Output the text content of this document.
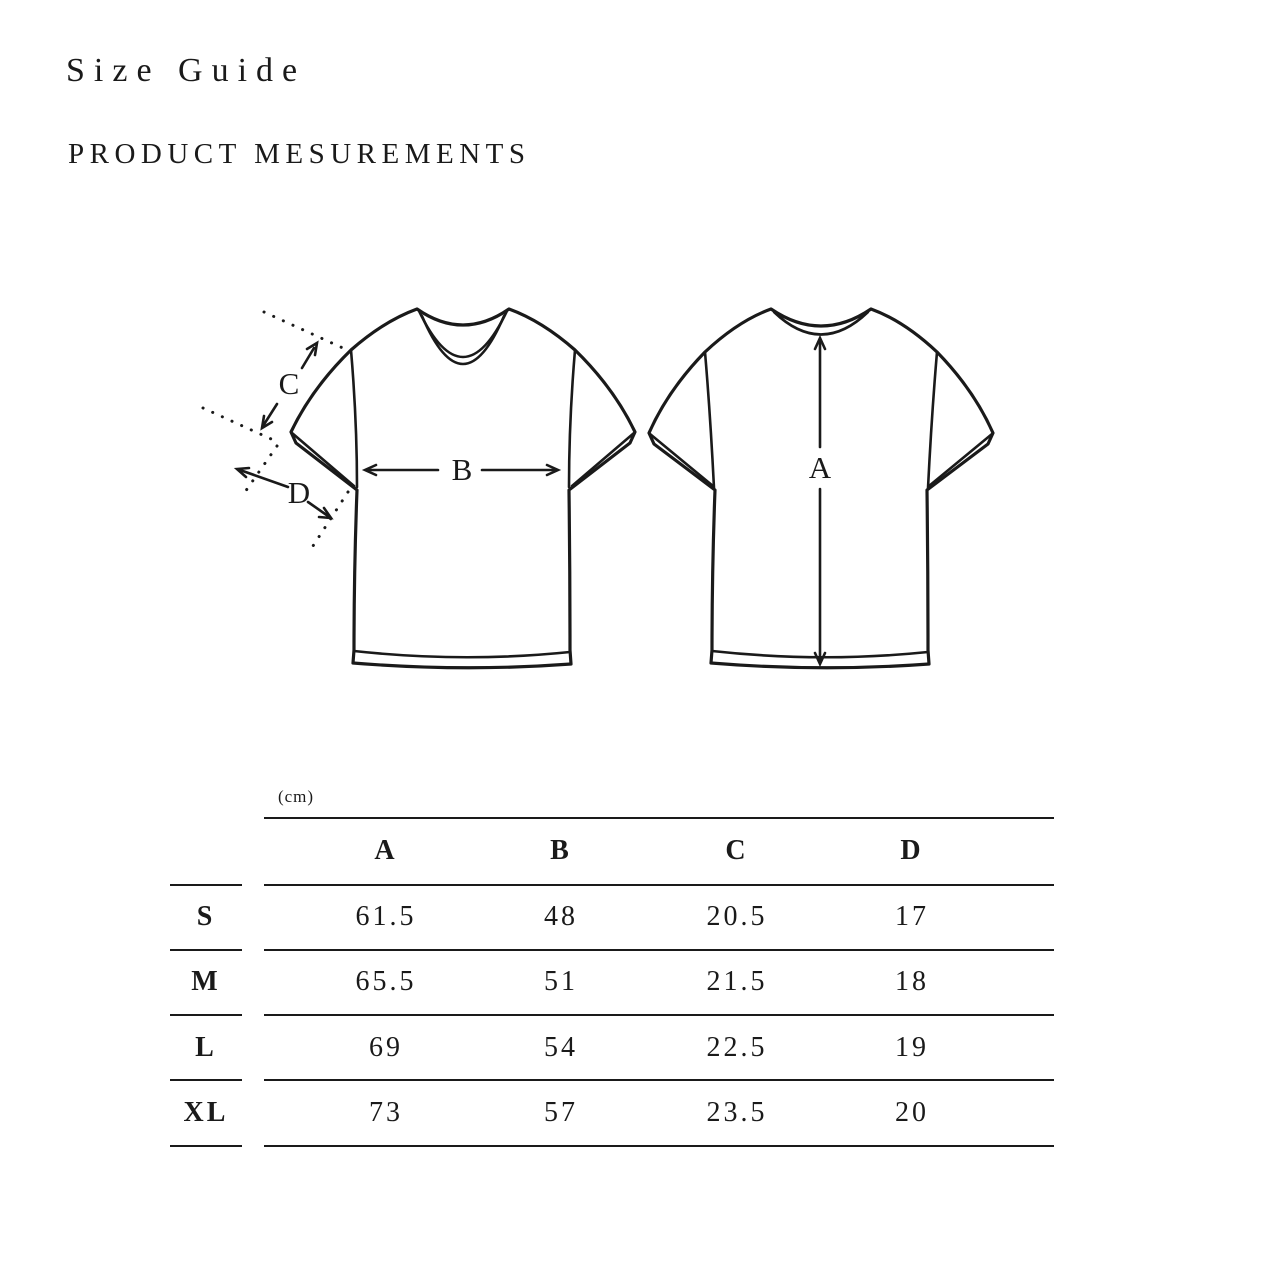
Size Guide
PRODUCT MESUREMENTS
C
D
B	A
(cm)
A	B	C	D
S	61.5	48	20.5	17
M	65.5	51	21.5	18
L	69	54	22.5	19
XL	73	57	23.5	20
